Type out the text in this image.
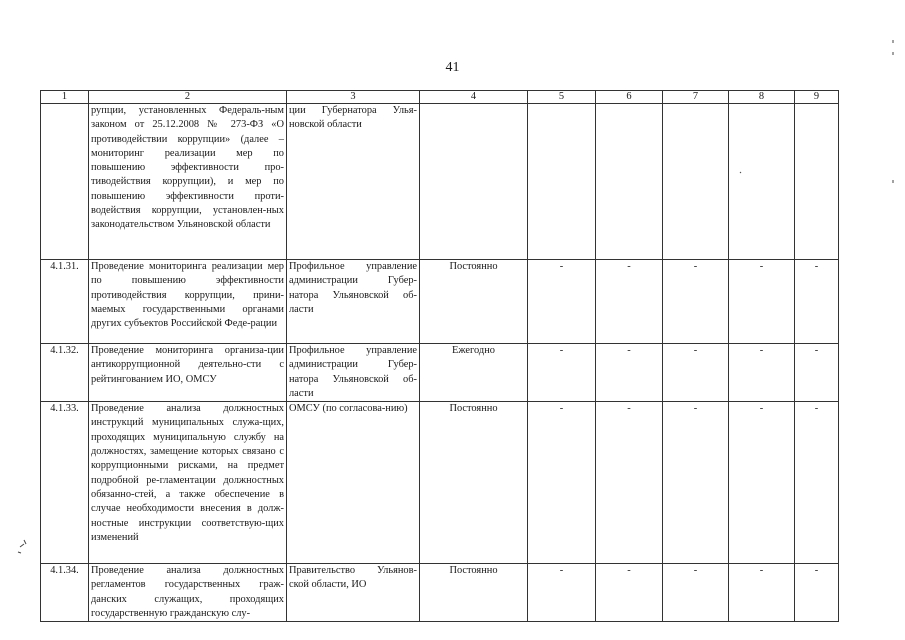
41
1	2	3	4	5	6	7	8	9
	рупции, установленных Федераль-ным законом от 25.12.2008 № 273-ФЗ «О противодействии коррупции» (далее – мониторинг реализации мер по повышению эффективности про-тиводействия коррупции), и мер по повышению эффективности проти-водействия коррупции, установлен-ных законодательством Ульяновской области	ции Губернатора Улья-новской области						
4.1.31.	Проведение мониторинга реализации мер по повышению эффективности противодействия коррупции, прини-маемых государственными органами других субъектов Российской Феде-рации	Профильное управление администрации Губер-натора Ульяновской об-ласти	Постоянно	-	-	-	-	-
4.1.32.	Проведение мониторинга организа-ции антикоррупционной деятельно-сти с рейтингованием ИО, ОМСУ	Профильное управление администрации Губер-натора Ульяновской об-ласти	Ежегодно	-	-	-	-	-
4.1.33.	Проведение анализа должностных инструкций муниципальных служа-щих, проходящих муниципальную службу на должностях, замещение которых связано с коррупционными рисками, на предмет подробной ре-гламентации должностных обязанно-стей, а также обеспечение в случае необходимости внесения в долж-ностные инструкции соответствую-щих изменений	ОМСУ (по согласова-нию)	Постоянно	-	-	-	-	-
4.1.34.	Проведение анализа должностных регламентов государственных граж-данских служащих, проходящих государственную гражданскую слу-	Правительство Ульянов-ской области, ИО	Постоянно	-	-	-	-	-
